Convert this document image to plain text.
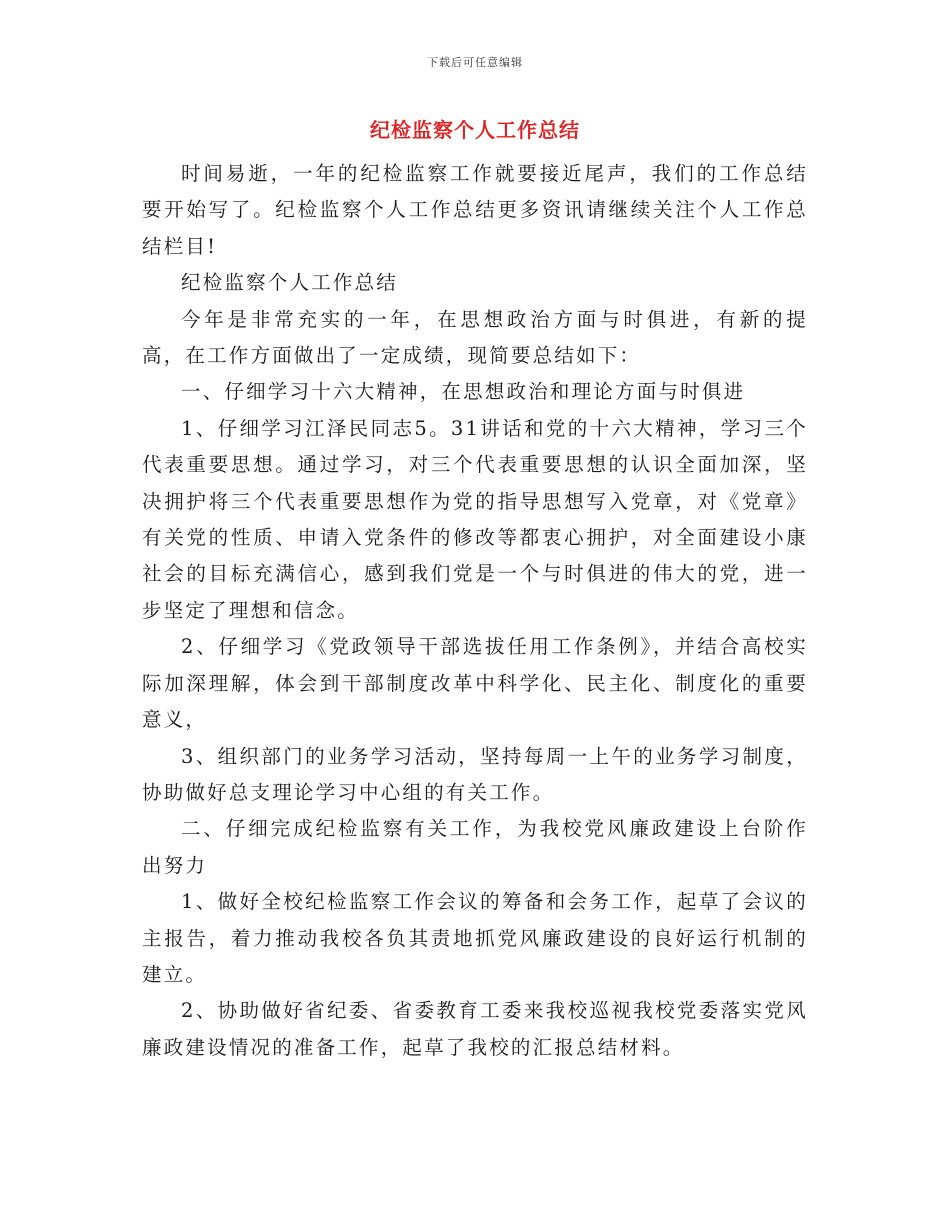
下载后可任意编辑
纪检监察个人工作总结

时间易逝，一年的纪检监察工作就要接近尾声，我们的工作总结要开始写了。纪检监察个人工作总结更多资讯请继续关注个人工作总结栏目!

纪检监察个人工作总结

今年是非常充实的一年，在思想政治方面与时俱进，有新的提高，在工作方面做出了一定成绩，现简要总结如下：

一、仔细学习十六大精神，在思想政治和理论方面与时俱进

1、仔细学习江泽民同志5。31讲话和党的十六大精神，学习三个代表重要思想。通过学习，对三个代表重要思想的认识全面加深，坚决拥护将三个代表重要思想作为党的指导思想写入党章，对《党章》有关党的性质、申请入党条件的修改等都衷心拥护，对全面建设小康社会的目标充满信心，感到我们党是一个与时俱进的伟大的党，进一步坚定了理想和信念。

2、仔细学习《党政领导干部选拔任用工作条例》，并结合高校实际加深理解，体会到干部制度改革中科学化、民主化、制度化的重要意义，

3、组织部门的业务学习活动，坚持每周一上午的业务学习制度，协助做好总支理论学习中心组的有关工作。

二、仔细完成纪检监察有关工作，为我校党风廉政建设上台阶作出努力

1、做好全校纪检监察工作会议的筹备和会务工作，起草了会议的主报告，着力推动我校各负其责地抓党风廉政建设的良好运行机制的建立。

2、协助做好省纪委、省委教育工委来我校巡视我校党委落实党风廉政建设情况的准备工作，起草了我校的汇报总结材料。
